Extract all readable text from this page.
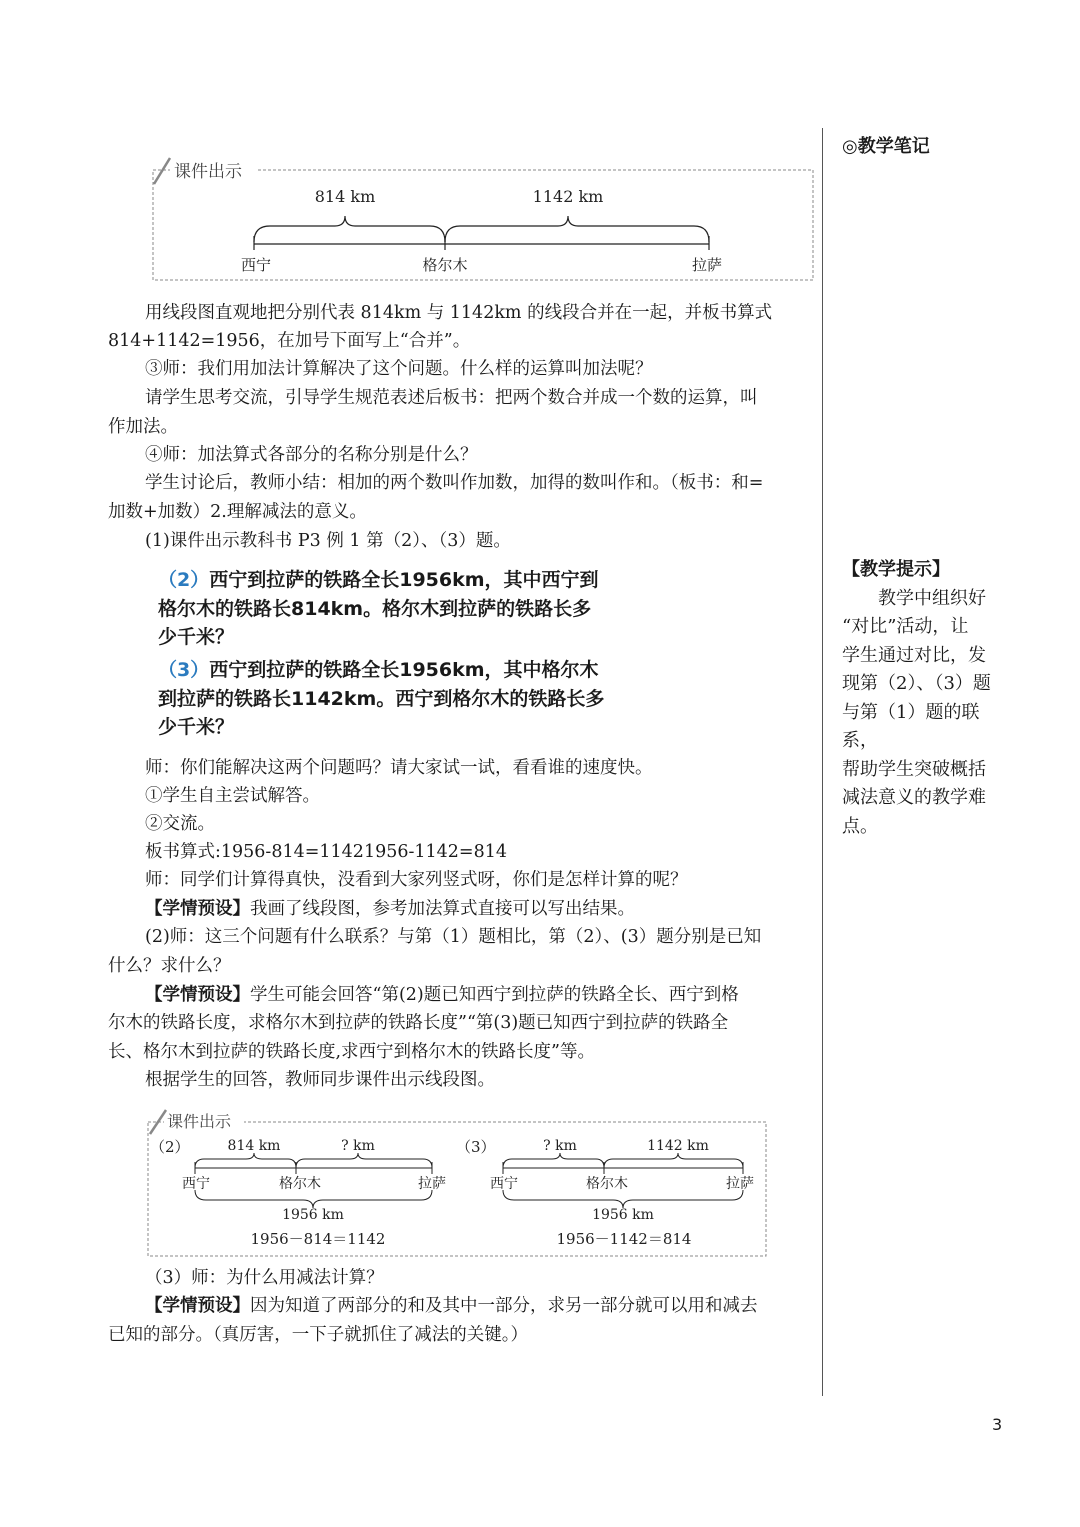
课件出示
814 km	1142 km
西宁	格尔木	拉萨
用线段图直观地把分别代表 814km 与 1142km 的线段合并在一起，并板书算式
814+1142=1956，在加号下面写上“合并”。
③师：我们用加法计算解决了这个问题。什么样的运算叫加法呢？
请学生思考交流，引导学生规范表述后板书：把两个数合并成一个数的运算，叫
作加法。
④师：加法算式各部分的名称分别是什么？
学生讨论后，教师小结：相加的两个数叫作加数，加得的数叫作和。（板书：和=
加数+加数）2.理解减法的意义。
(1)课件出示教科书 P3 例 1 第（2）、（3）题。
（2）西宁到拉萨的铁路全长1956km，其中西宁到
格尔木的铁路长814km。格尔木到拉萨的铁路长多
少千米？
（3）西宁到拉萨的铁路全长1956km，其中格尔木
到拉萨的铁路长1142km。西宁到格尔木的铁路长多
少千米？
师：你们能解决这两个问题吗？请大家试一试，看看谁的速度快。
①学生自主尝试解答。
②交流。
板书算式:1956-814=11421956-1142=814
师：同学们计算得真快，没看到大家列竖式呀，你们是怎样计算的呢？
【学情预设】我画了线段图，参考加法算式直接可以写出结果。
(2)师：这三个问题有什么联系？与第（1）题相比，第（2）、(3）题分别是已知
什么？求什么？
【学情预设】学生可能会回答“第(2)题已知西宁到拉萨的铁路全长、西宁到格
尔木的铁路长度，求格尔木到拉萨的铁路长度”“第(3)题已知西宁到拉萨的铁路全
长、格尔木到拉萨的铁路长度,求西宁到格尔木的铁路长度”等。
根据学生的回答，教师同步课件出示线段图。
课件出示
（2）	814 km	? km
西宁	格尔木	拉萨
1956 km
1956－814＝1142
（3）	? km	1142 km
西宁	格尔木	拉萨
1956 km
1956－1142＝814
（3）师：为什么用减法计算？
【学情预设】因为知道了两部分的和及其中一部分，求另一部分就可以用和减去
已知的部分。（真厉害，一下子就抓住了减法的关键。）
◎教学笔记
【教学提示】
教学中组织好
“对比”活动，让
学生通过对比，发
现第（2）、（3）题
与第（1）题的联系，
帮助学生突破概括
减法意义的教学难
点。
3
